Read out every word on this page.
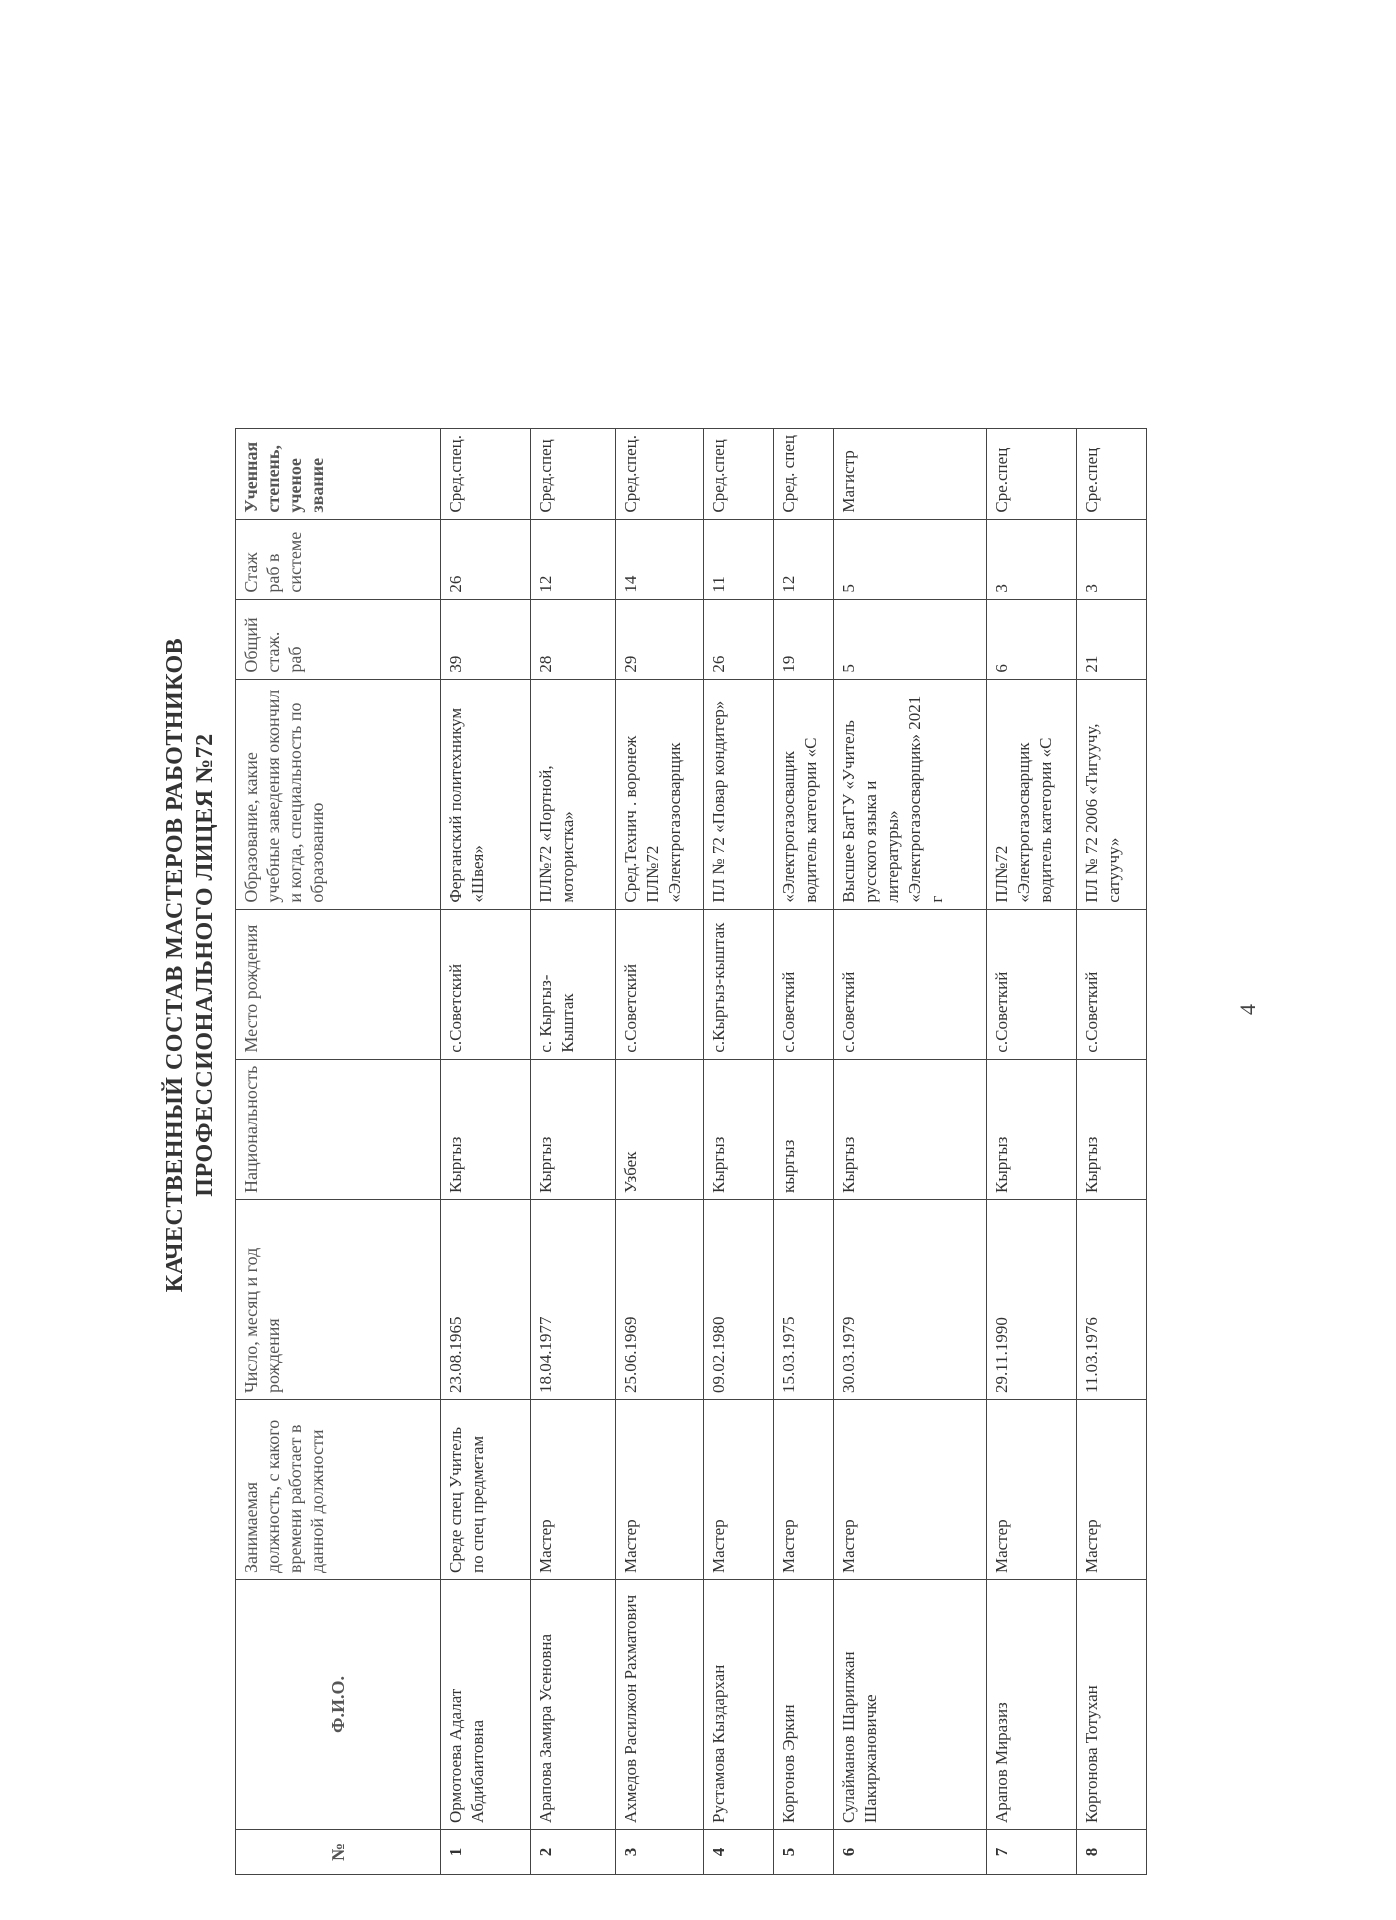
КАЧЕСТВЕННЫЙ СОСТАВ МАСТЕРОВ РАБОТНИКОВ ПРОФЕССИОНАЛЬНОГО ЛИЦЕЯ №72
№	Ф.И.О.	Занимаемая должность, с какого времени работает в данной должности	Число, месяц и год рождения	Национальность	Место рождения	Образование, какие учебные заведения окончил и когда, специальность по образованию	Общий стаж. раб	Стаж раб в системе	Ученная степень, ученое звание
1	Ормотоева Адалат Абдибаитовна	Среде спец Учитель по спец предметам	23.08.1965	Кыргыз	с.Советский	Ферганский политехникум «Швея»	39	26	Сред.спец.
2	Арапова Замира Усеновна	Мастер	18.04.1977	Кыргыз	с. Кыргыз-Кыштак	ПЛ№72 «Портной, мотористка»	28	12	Сред.спец
3	Ахмедов Расилжон Рахматович	Мастер	25.06.1969	Узбек	с.Советский	Сред.Технич . воронеж ПЛ№72 «Электрогазосварщик	29	14	Сред.спец.
4	Рустамова Кыздархан	Мастер	09.02.1980	Кыргыз	с.Кыргыз-кыштак	ПЛ № 72 «Повар кондитер»	26	11	Сред.спец
5	Коргонов Эркин	Мастер	15.03.1975	кыргыз	с.Советкий	«Электрогазосващик водитель категории «С	19	12	Сред. спец
6	Сулайманов Шарипжан Шакиржановичке	Мастер	30.03.1979	Кыргыз	с.Советкий	Высшее БатГУ «Учитель русского языка и литературы» «Электрогазосварщик» 2021 г	5	5	Магистр
7	Арапов Миразиз	Мастер	29.11.1990	Кыргыз	с.Советкий	ПЛ№72 «Электрогазосварщик водитель категории «С	6	3	Сре.спец
8	Коргонова Тотухан	Мастер	11.03.1976	Кыргыз	с.Советкий	ПЛ № 72 2006 «Тигуучу, сатуучу»	21	3	Сре.спец
4
